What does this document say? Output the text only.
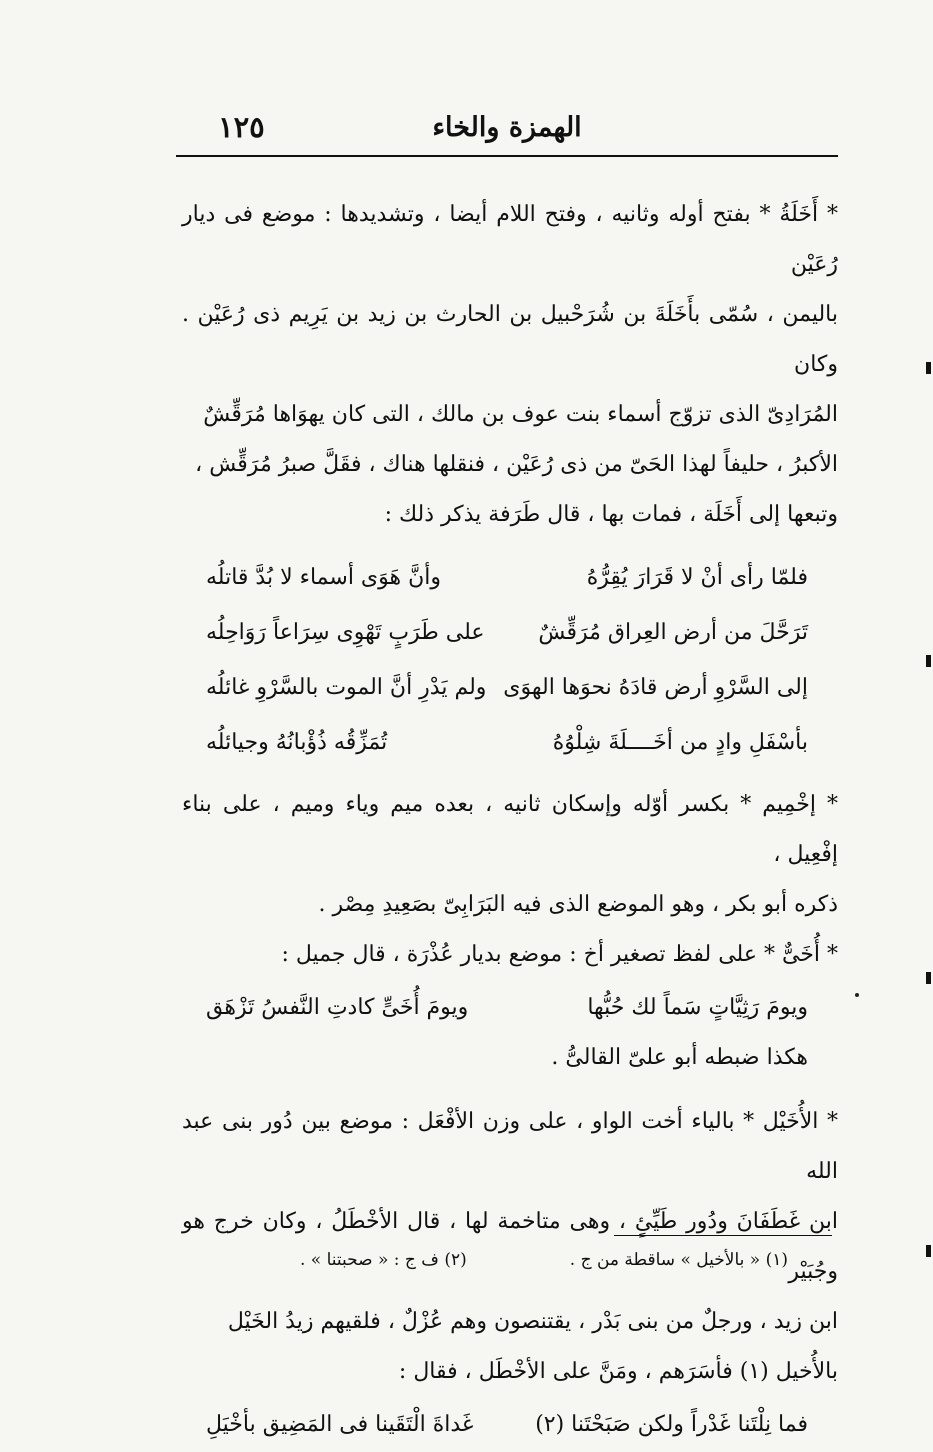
الهمزة والخاء
١٢٥

* أَخَلَةُ * بفتح أوله وثانيه ، وفتح اللام أيضا ، وتشديدها : موضع فى ديار رُعَيْن
باليمن ، سُمّى بأَخَلَةَ بن شُرَحْبيل بن الحارث بن زيد بن يَرِيم ذى رُعَيْن . وكان
المُرَادِىّ الذى تزوّج أسماء بنت عوف بن مالك ، التى كان يهوَاها مُرَقِّشٌ
الأكبرُ ، حليفاً لهذا الحَىّ من ذى رُعَيْن ، فنقلها هناك ، فقَلَّ صبرُ مُرَقِّش ،
وتبعها إلى أَخَلَة ، فمات بها ، قال طَرَفة يذكر ذلك :

فلمّا رأى أنْ لا قَرَارَ يُقِرُّهُ
وأنَّ هَوَى أسماء لا بُدَّ قاتلُه
تَرَحَّلَ من أرض العِراق مُرَقِّشٌ
على طَرَبٍ تَهْوِى سِرَاعاً رَوَاحِلُه
إلى السَّرْوِ أرض قادَهُ نحوَها الهوَى
ولم يَدْرِ أنَّ الموت بالسَّرْوِ غائلُه
بأسْفَلِ وادٍ من أخَــــلَةَ شِلْوُهُ
تُمَزِّقُه ذُؤْبانُهُ وجيائلُه

* إخْمِيم * بكسر أوّله وإسكان ثانيه ، بعده ميم وياء وميم ، على بناء إفْعِيل ،
ذكره أبو بكر ، وهو الموضع الذى فيه البَرَابِىّ بصَعِيدِ مِصْر .

* أُخَىٌّ * على لفظ تصغير أخ : موضع بديار عُذْرَة ، قال جميل :

ويومَ رَثِيَّاتٍ سَماً لك حُبُّها
ويومَ أُخَىٍّ كادتِ النَّفسُ تَزْهَق
هكذا ضبطه أبو علىّ القالىُّ .

* الأُخَيْل * بالياء أخت الواو ، على وزن الأفْعَل : موضع بين دُور بنى عبد الله
ابن غَطَفَانَ ودُور طَيِّئٍ ، وهى متاخمة لها ، قال الأخْطَلُ ، وكان خرج هو وجُبَيْر
ابن زيد ، ورجلٌ من بنى بَدْر ، يقتنصون وهم عُزْلٌ ، فلقيهم زيدُ الخَيْل
بالأُخيل (١) فأسَرَهم ، ومَنَّ على الأخْطَل ، فقال :

فما نِلْتَنا غَدْراً ولكن صَبَحْتَنا (٢)
غَداةَ الْتَقَينا فى المَضِيق بأخْيَلِ
(١) « بالأخيل » ساقطة من ج .
(٢) ف ج : « صحبتنا » .
